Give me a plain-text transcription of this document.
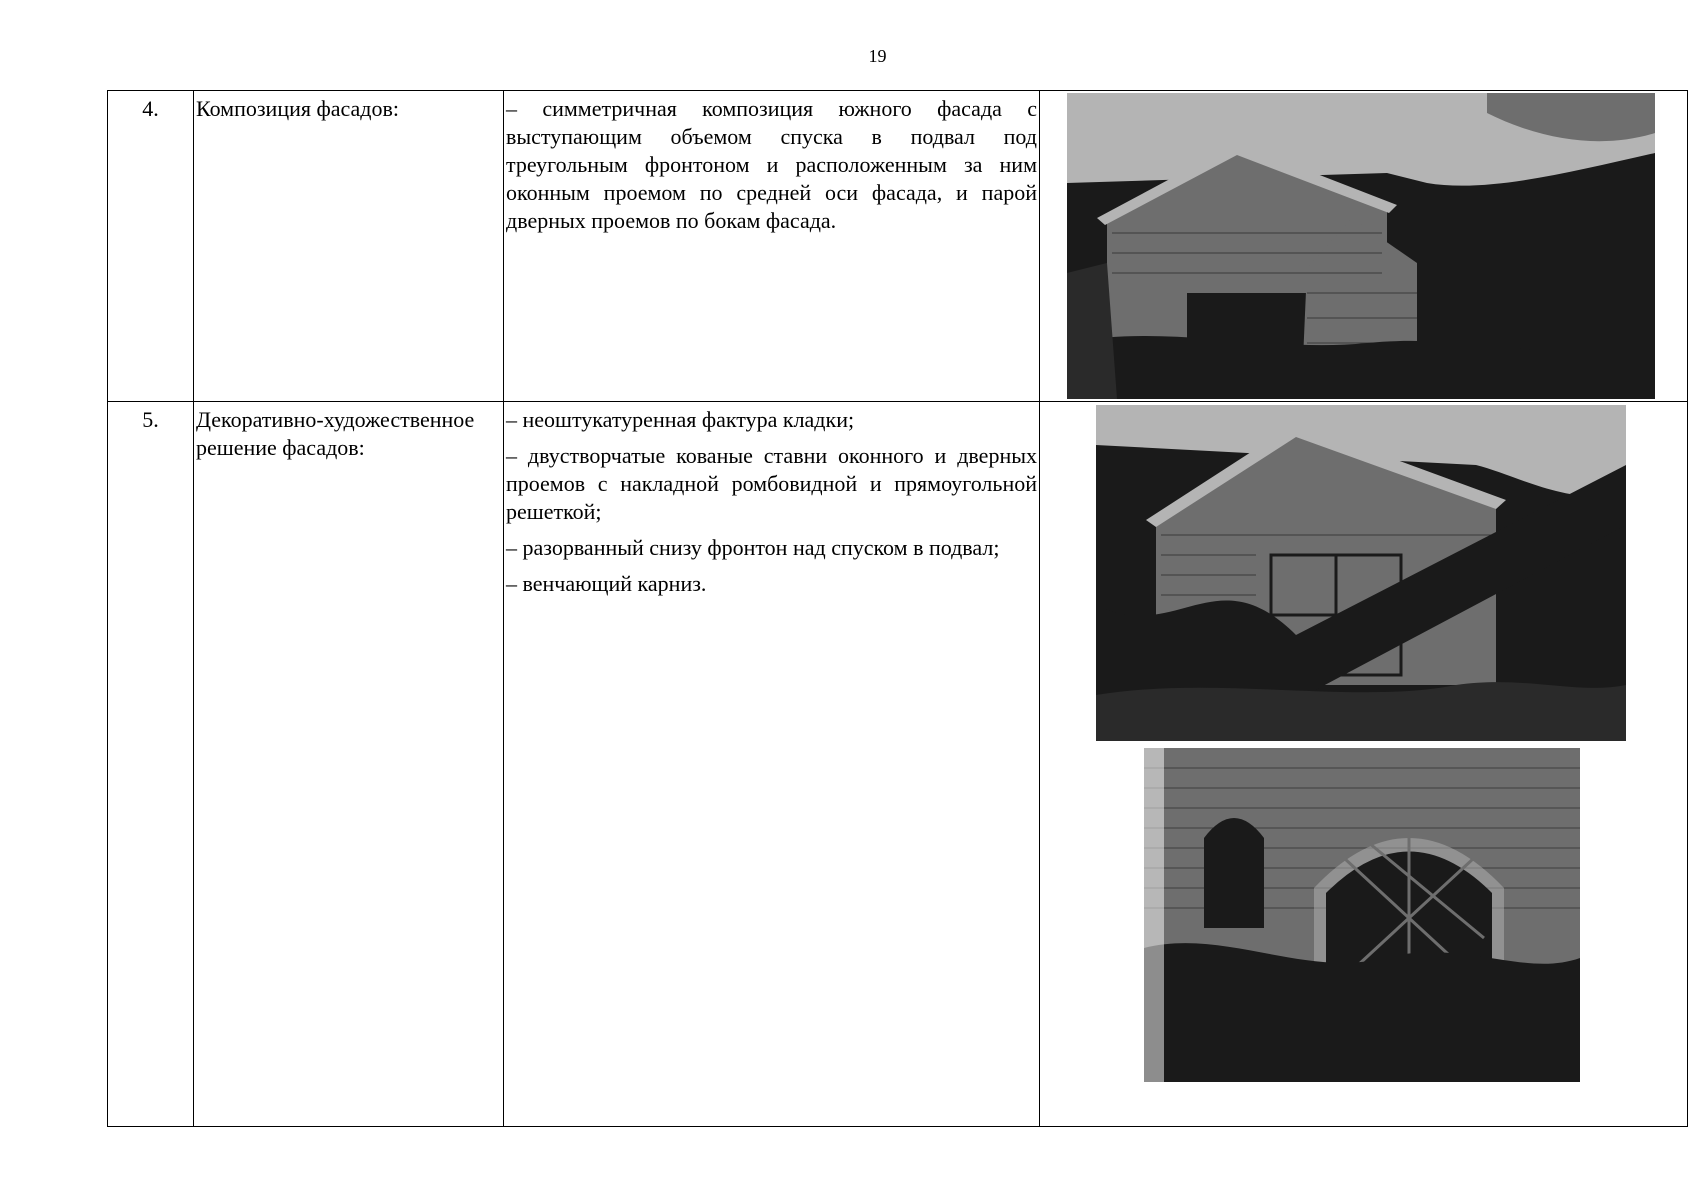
19
4.	Композиция фасадов:	– симметричная композиция южного фасада с выступающим объемом спуска в подвал под треугольным фронтоном и расположенным за ним оконным проемом по средней оси фасада, и парой дверных проемов по бокам фасада.

5.	Декоративно-художественное решение фасадов:	– неоштукатуренная фактура кладки;

– двустворчатые кованые ставни оконного и дверных проемов с накладной ромбовидной и прямоугольной решеткой;

– разорванный снизу фронтон над спуском в подвал;

– венчающий карниз.
